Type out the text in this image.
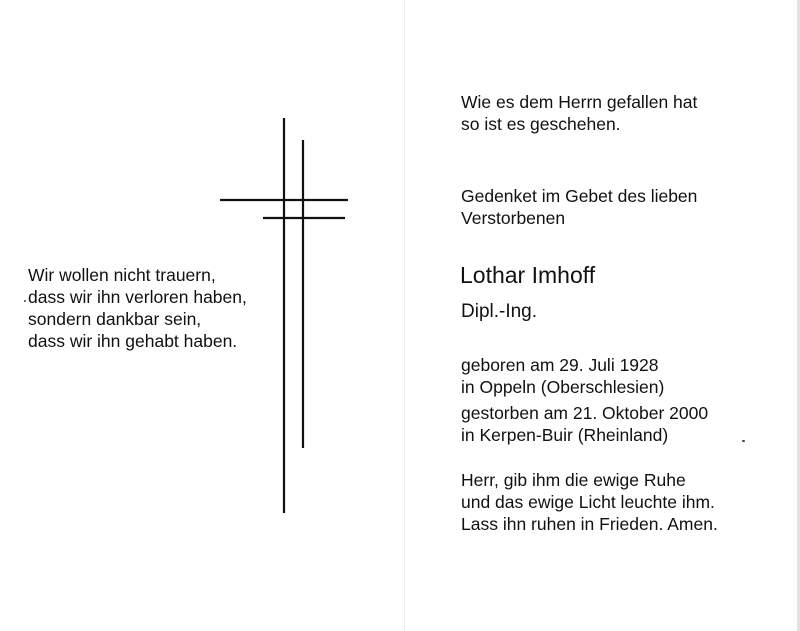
Wir wollen nicht trauern,
dass wir ihn verloren haben,
sondern dankbar sein,
dass wir ihn gehabt haben.
Wie es dem Herrn gefallen hat
so ist es geschehen.
Gedenket im Gebet des lieben
Verstorbenen
Lothar Imhoff
Dipl.-Ing.
geboren am 29. Juli 1928
in Oppeln (Oberschlesien)
gestorben am 21. Oktober 2000
in Kerpen-Buir (Rheinland)
Herr, gib ihm die ewige Ruhe
und das ewige Licht leuchte ihm.
Lass ihn ruhen in Frieden. Amen.
